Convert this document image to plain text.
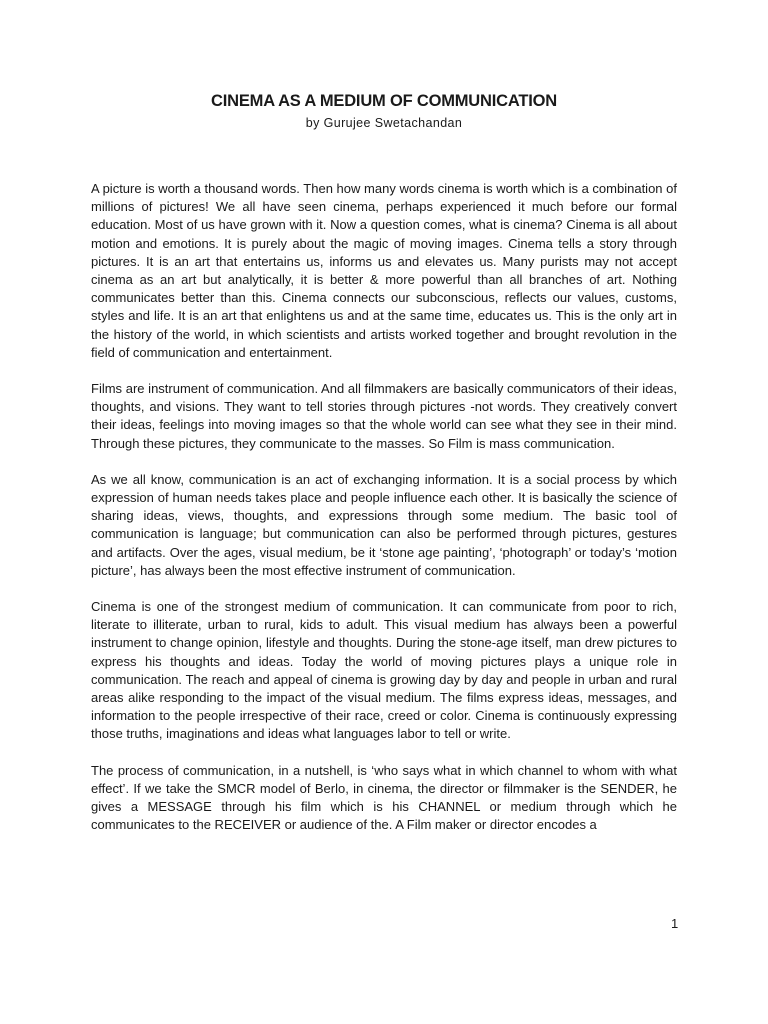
CINEMA AS A MEDIUM OF COMMUNICATION
by Gurujee Swetachandan

A picture is worth a thousand words. Then how many words cinema is worth which is a combination of millions of pictures! We all have seen cinema, perhaps experienced it much before our formal education. Most of us have grown with it. Now a question comes, what is cinema? Cinema is all about motion and emotions. It is purely about the magic of moving images. Cinema tells a story through pictures. It is an art that entertains us, informs us and elevates us. Many purists may not accept cinema as an art but analytically, it is better & more powerful than all branches of art. Nothing communicates better than this. Cinema connects our subconscious, reflects our values, customs, styles and life. It is an art that enlightens us and at the same time, educates us. This is the only art in the history of the world, in which scientists and artists worked together and brought revolution in the field of communication and entertainment.

Films are instrument of communication. And all filmmakers are basically communicators of their ideas, thoughts, and visions. They want to tell stories through pictures -not words. They creatively convert their ideas, feelings into moving images so that the whole world can see what they see in their mind. Through these pictures, they communicate to the masses. So Film is mass communication.

As we all know, communication is an act of exchanging information. It is a social process by which expression of human needs takes place and people influence each other. It is basically the science of sharing ideas, views, thoughts, and expressions through some medium. The basic tool of communication is language; but communication can also be performed through pictures, gestures and artifacts. Over the ages, visual medium, be it ‘stone age painting’, ‘photograph’ or today’s ‘motion picture’, has always been the most effective instrument of communication.

Cinema is one of the strongest medium of communication. It can communicate from poor to rich, literate to illiterate, urban to rural, kids to adult. This visual medium has always been a powerful instrument to change opinion, lifestyle and thoughts. During the stone-age itself, man drew pictures to express his thoughts and ideas. Today the world of moving pictures plays a unique role in communication. The reach and appeal of cinema is growing day by day and people in urban and rural areas alike responding to the impact of the visual medium. The films express ideas, messages, and information to the people irrespective of their race, creed or color. Cinema is continuously expressing those truths, imaginations and ideas what languages labor to tell or write.

The process of communication, in a nutshell, is ‘who says what in which channel to whom with what effect’. If we take the SMCR model of Berlo, in cinema, the director or filmmaker is the SENDER, he gives a MESSAGE through his film which is his CHANNEL or medium through which he communicates to the RECEIVER or audience of the. A Film maker or director encodes a

1
